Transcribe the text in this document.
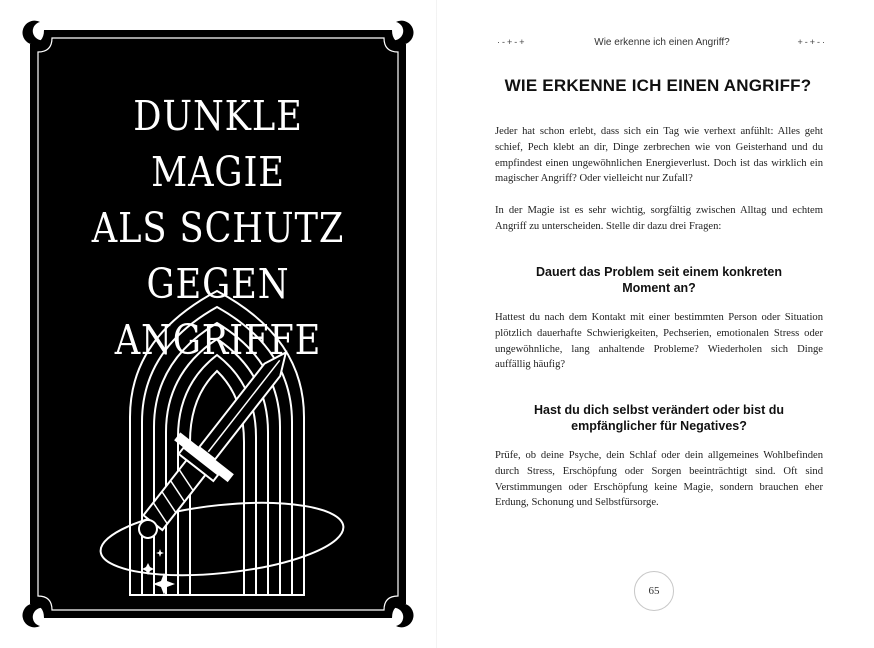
DUNKLE MAGIE
ALS SCHUTZ
GEGEN ANGRIFFE
·-+-+	Wie erkenne ich einen Angriff?	+-+-·
WIE ERKENNE ICH EINEN ANGRIFF?

Jeder hat schon erlebt, dass sich ein Tag wie verhext anfühlt: Alles geht schief, Pech klebt an dir, Dinge zerbrechen wie von Geisterhand und du empfindest einen ungewöhnlichen Energieverlust. Doch ist das wirklich ein magischer Angriff? Oder vielleicht nur Zufall?

In der Magie ist es sehr wichtig, sorgfältig zwischen Alltag und echtem Angriff zu unterscheiden. Stelle dir dazu drei Fragen:

Dauert das Problem seit einem konkreten Moment an?

Hattest du nach dem Kontakt mit einer bestimmten Person oder Situation plötzlich dauerhafte Schwierigkeiten, Pechserien, emotionalen Stress oder ungewöhnliche, lang anhaltende Probleme? Wiederholen sich Dinge auffällig häufig?

Hast du dich selbst verändert oder bist du empfänglicher für Negatives?

Prüfe, ob deine Psyche, dein Schlaf oder dein allgemeines Wohlbefinden durch Stress, Erschöpfung oder Sorgen beeinträchtigt sind. Oft sind Verstimmungen oder Erschöpfung keine Magie, sondern brauchen eher Erdung, Schonung und Selbstfürsorge.

65
